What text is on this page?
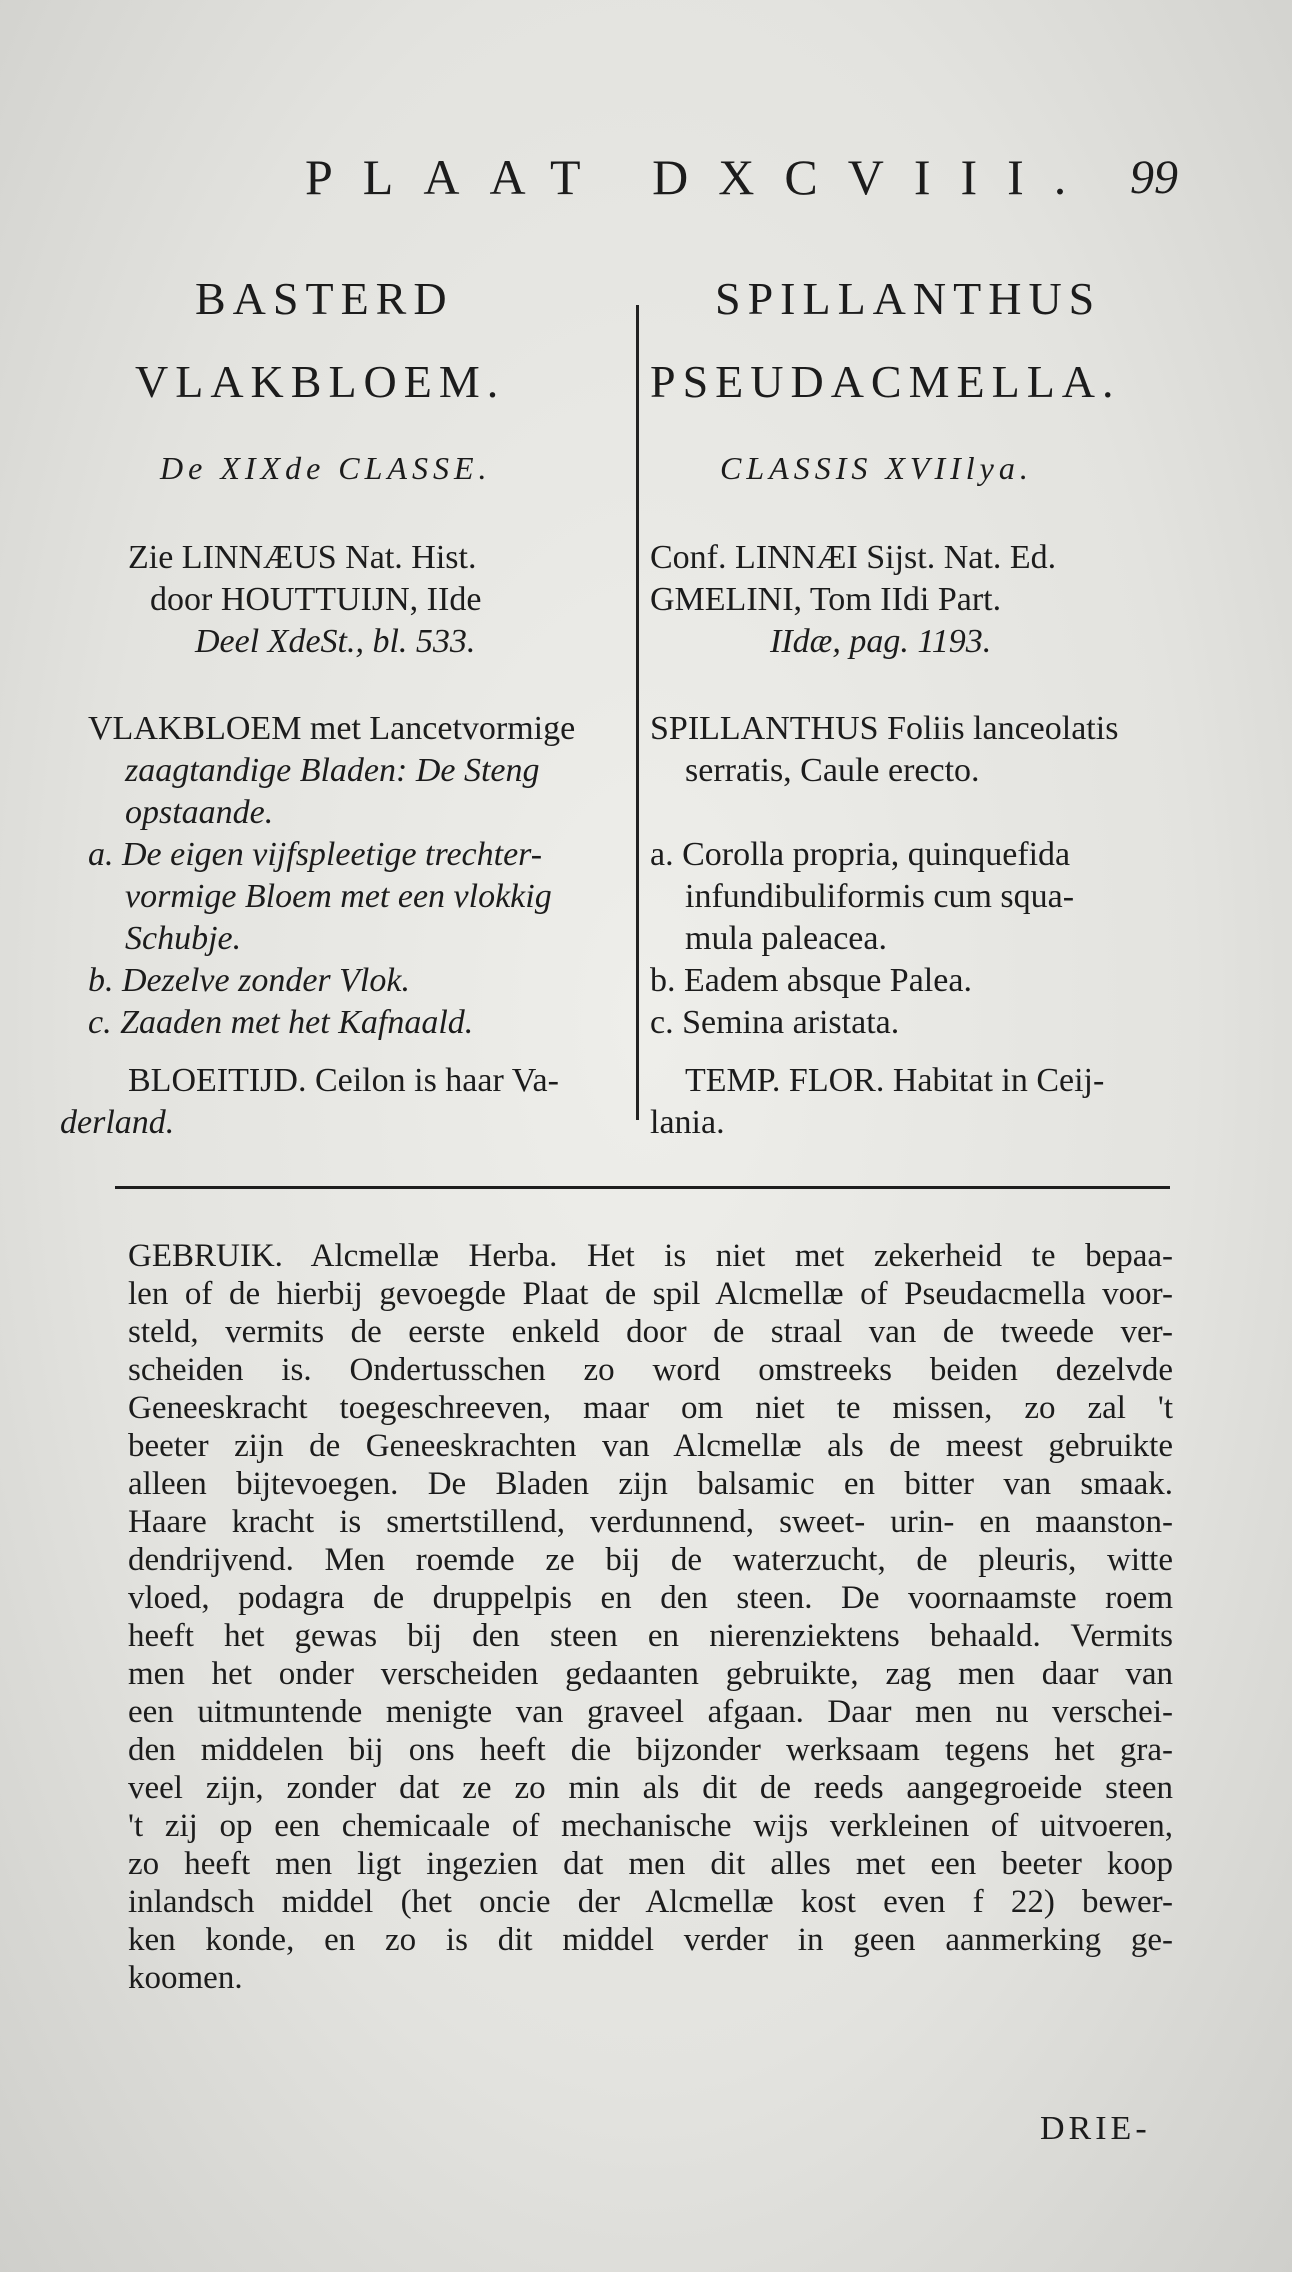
PLAAT DXCVIII. 99
BASTERD
VLAKBLOEM.
De XIXde CLASSE.
Zie LINNÆUS Nat. Hist.
door HOUTTUIJN, IIde
Deel XdeSt., bl. 533.
VLAKBLOEM met Lancetvormige
zaagtandige Bladen: De Steng
opstaande.
a. De eigen vijfspleetige trechter-
vormige Bloem met een vlokkig
Schubje.
b. Dezelve zonder Vlok.
c. Zaaden met het Kafnaald.
BLOEITIJD. Ceilon is haar Va-
derland.
SPILLANTHUS
PSEUDACMELLA.
CLASSIS XVIIlya.
Conf. LINNÆI Sijst. Nat. Ed.
GMELINI, Tom IIdi Part.
IIdæ, pag. 1193.
SPILLANTHUS Foliis lanceolatis
serratis, Caule erecto.
a. Corolla propria, quinquefida
infundibuliformis cum squa-
mula paleacea.
b. Eadem absque Palea.
c. Semina aristata.
TEMP. FLOR. Habitat in Ceij-
lania.
GEBRUIK. Alcmellæ Herba. Het is niet met zekerheid te bepaa-
len of de hierbij gevoegde Plaat de spil Alcmellæ of Pseudacmella voor-
steld, vermits de eerste enkeld door de straal van de tweede ver-
scheiden is. Ondertusschen zo word omstreeks beiden dezelvde
Geneeskracht toegeschreeven, maar om niet te missen, zo zal 't
beeter zijn de Geneeskrachten van Alcmellæ als de meest gebruikte
alleen bijtevoegen. De Bladen zijn balsamic en bitter van smaak.
Haare kracht is smertstillend, verdunnend, sweet- urin- en maanston-
dendrijvend. Men roemde ze bij de waterzucht, de pleuris, witte
vloed, podagra de druppelpis en den steen. De voornaamste roem
heeft het gewas bij den steen en nierenziektens behaald. Vermits
men het onder verscheiden gedaanten gebruikte, zag men daar van
een uitmuntende menigte van graveel afgaan. Daar men nu verschei-
den middelen bij ons heeft die bijzonder werksaam tegens het gra-
veel zijn, zonder dat ze zo min als dit de reeds aangegroeide steen
't zij op een chemicaale of mechanische wijs verkleinen of uitvoeren,
zo heeft men ligt ingezien dat men dit alles met een beeter koop
inlandsch middel (het oncie der Alcmellæ kost even f 22) bewer-
ken konde, en zo is dit middel verder in geen aanmerking ge-
koomen.
DRIE-
